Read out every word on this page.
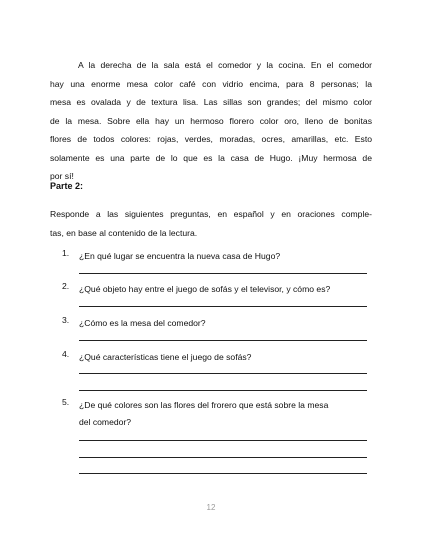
A la derecha de la sala está el comedor y la cocina. En el comedor
hay una enorme mesa color café con vidrio encima, para 8 personas; la
mesa es ovalada y de textura lisa. Las sillas son grandes; del mismo color
de la mesa. Sobre ella hay un hermoso florero color oro, lleno de bonitas
flores de todos colores: rojas, verdes, moradas, ocres, amarillas, etc. Esto
solamente es una parte de lo que es la casa de Hugo. ¡Muy hermosa de
por sí!
Parte 2:
Responde a las siguientes preguntas, en español y en oraciones comple-
tas, en base al contenido de la lectura.
1. ¿En qué lugar se encuentra la nueva casa de Hugo?
2. ¿Qué objeto hay entre el juego de sofás y el televisor, y cómo es?
3. ¿Cómo es la mesa del comedor?
4. ¿Qué características tiene el juego de sofás?
5. ¿De qué colores son las flores del frorero que está sobre la mesa
del comedor?
12
